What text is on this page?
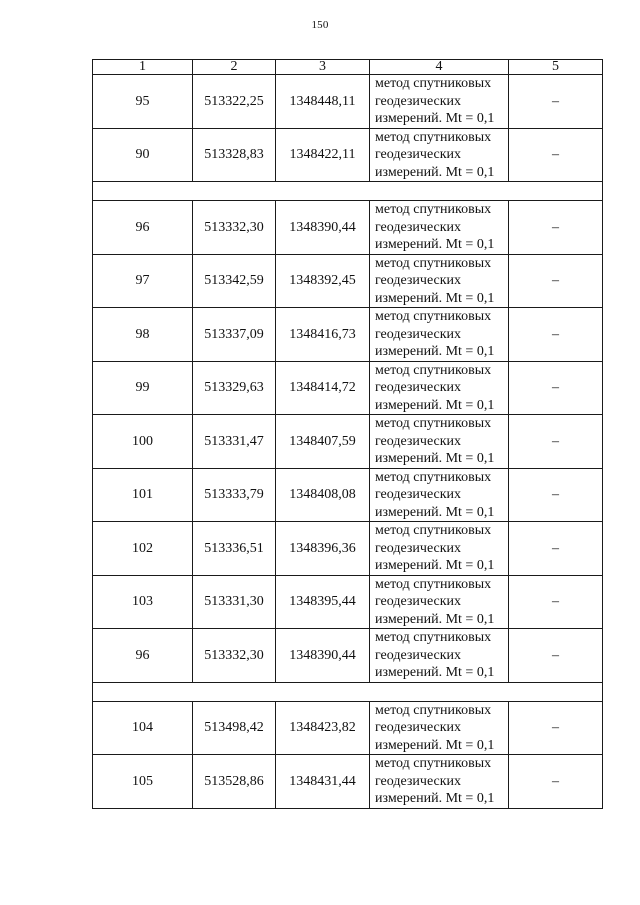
150
1	2	3	4	5
95	513322,25	1348448,11	метод спутниковых
геодезических
измерений. Mt = 0,1	–
90	513328,83	1348422,11	метод спутниковых
геодезических
измерений. Mt = 0,1	–

96	513332,30	1348390,44	метод спутниковых
геодезических
измерений. Mt = 0,1	–
97	513342,59	1348392,45	метод спутниковых
геодезических
измерений. Mt = 0,1	–
98	513337,09	1348416,73	метод спутниковых
геодезических
измерений. Mt = 0,1	–
99	513329,63	1348414,72	метод спутниковых
геодезических
измерений. Mt = 0,1	–
100	513331,47	1348407,59	метод спутниковых
геодезических
измерений. Mt = 0,1	–
101	513333,79	1348408,08	метод спутниковых
геодезических
измерений. Mt = 0,1	–
102	513336,51	1348396,36	метод спутниковых
геодезических
измерений. Mt = 0,1	–
103	513331,30	1348395,44	метод спутниковых
геодезических
измерений. Mt = 0,1	–
96	513332,30	1348390,44	метод спутниковых
геодезических
измерений. Mt = 0,1	–

104	513498,42	1348423,82	метод спутниковых
геодезических
измерений. Mt = 0,1	–
105	513528,86	1348431,44	метод спутниковых
геодезических
измерений. Mt = 0,1	–
